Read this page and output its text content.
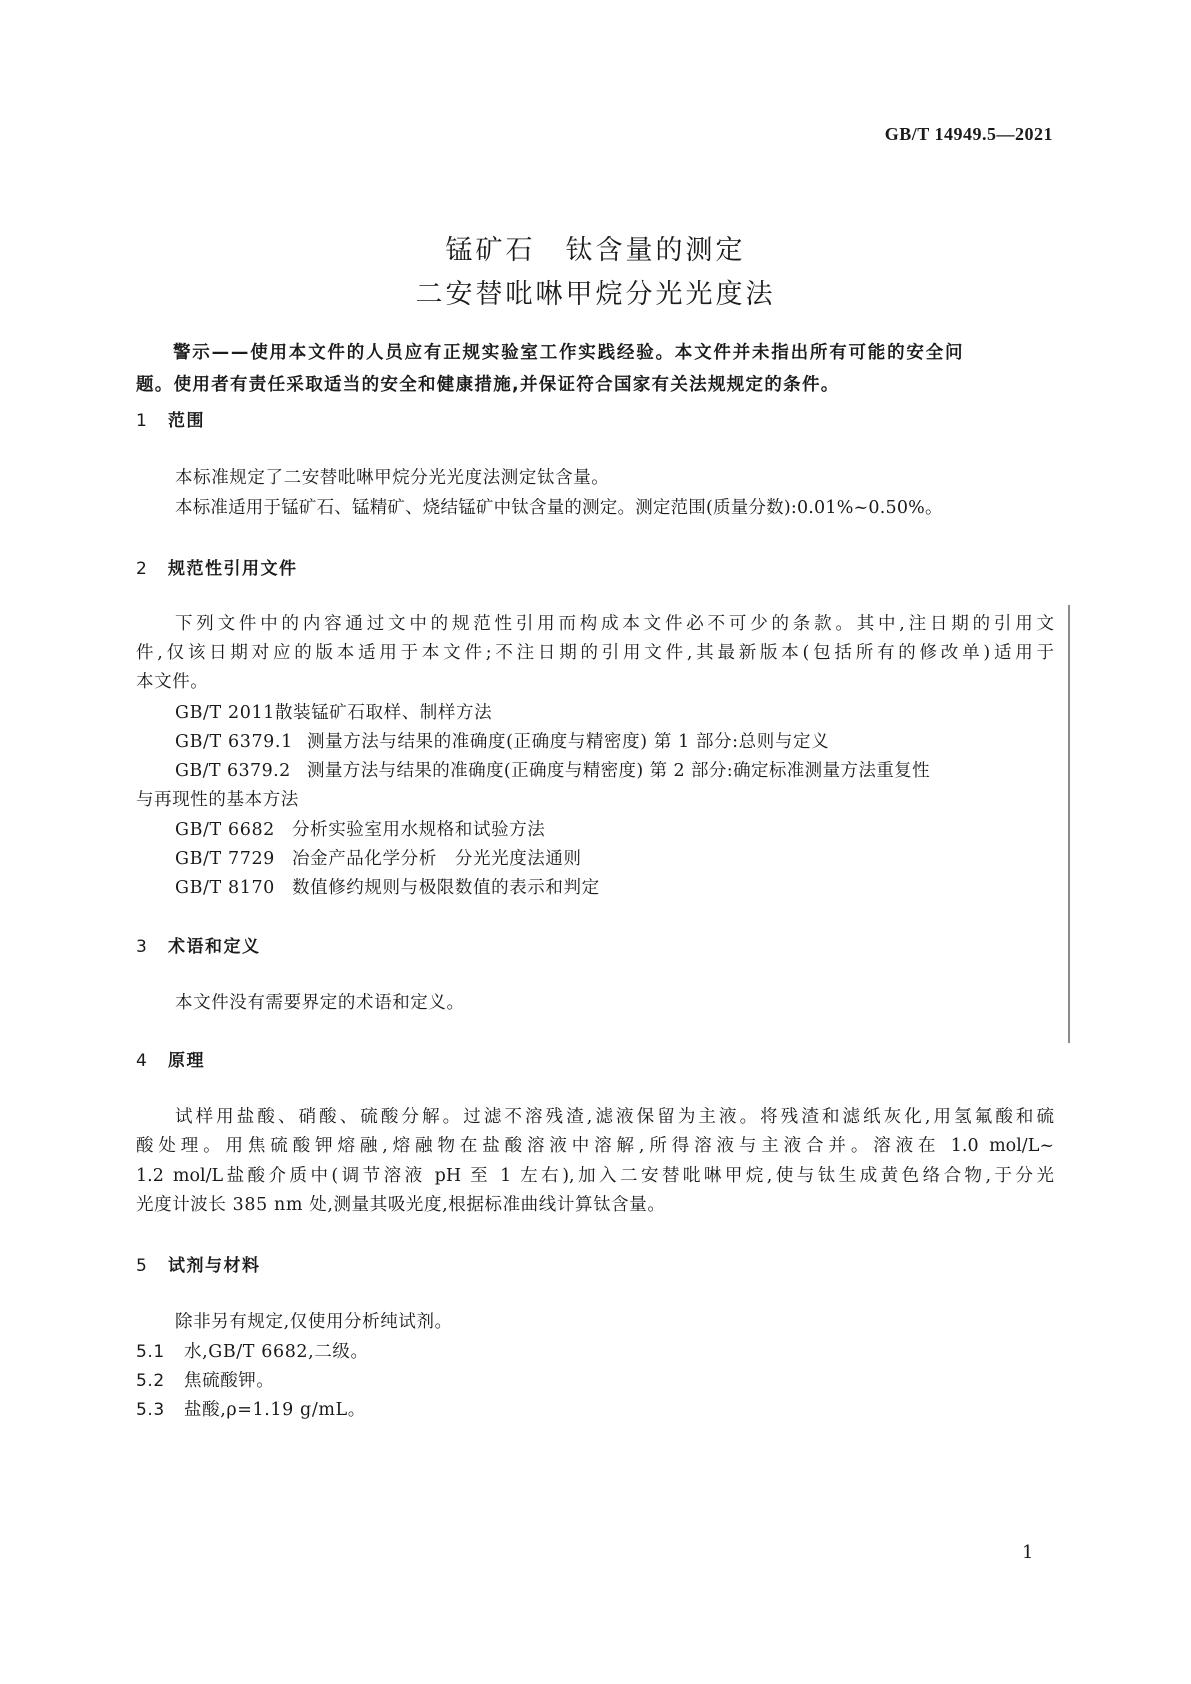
GB/T 14949.5—2021
锰矿石　钛含量的测定
二安替吡啉甲烷分光光度法
警示——使用本文件的人员应有正规实验室工作实践经验。本文件并未指出所有可能的安全问
题。使用者有责任采取适当的安全和健康措施,并保证符合国家有关法规规定的条件。
1 范围
本标准规定了二安替吡啉甲烷分光光度法测定钛含量。
本标准适用于锰矿石、锰精矿、烧结锰矿中钛含量的测定。测定范围(质量分数):0.01%~0.50%。
2 规范性引用文件
下列文件中的内容通过文中的规范性引用而构成本文件必不可少的条款。其中,注日期的引用文
件,仅该日期对应的版本适用于本文件;不注日期的引用文件,其最新版本(包括所有的修改单)适用于
本文件。
GB/T 2011散装锰矿石取样、制样方法
GB/T 6379.1 测量方法与结果的准确度(正确度与精密度) 第 1 部分:总则与定义
GB/T 6379.2 测量方法与结果的准确度(正确度与精密度) 第 2 部分:确定标准测量方法重复性
与再现性的基本方法
GB/T 6682 分析实验室用水规格和试验方法
GB/T 7729 冶金产品化学分析　分光光度法通则
GB/T 8170 数值修约规则与极限数值的表示和判定
3 术语和定义
本文件没有需要界定的术语和定义。
4 原理
试样用盐酸、硝酸、硫酸分解。过滤不溶残渣,滤液保留为主液。将残渣和滤纸灰化,用氢氟酸和硫
酸处理。用焦硫酸钾熔融,熔融物在盐酸溶液中溶解,所得溶液与主液合并。溶液在 1.0 mol/L~
1.2 mol/L盐酸介质中(调节溶液 pH 至 1 左右),加入二安替吡啉甲烷,使与钛生成黄色络合物,于分光
光度计波长 385 nm 处,测量其吸光度,根据标准曲线计算钛含量。
5 试剂与材料
除非另有规定,仅使用分析纯试剂。
5.1 水,GB/T 6682,二级。
5.2 焦硫酸钾。
5.3 盐酸,ρ=1.19 g/mL。
1
